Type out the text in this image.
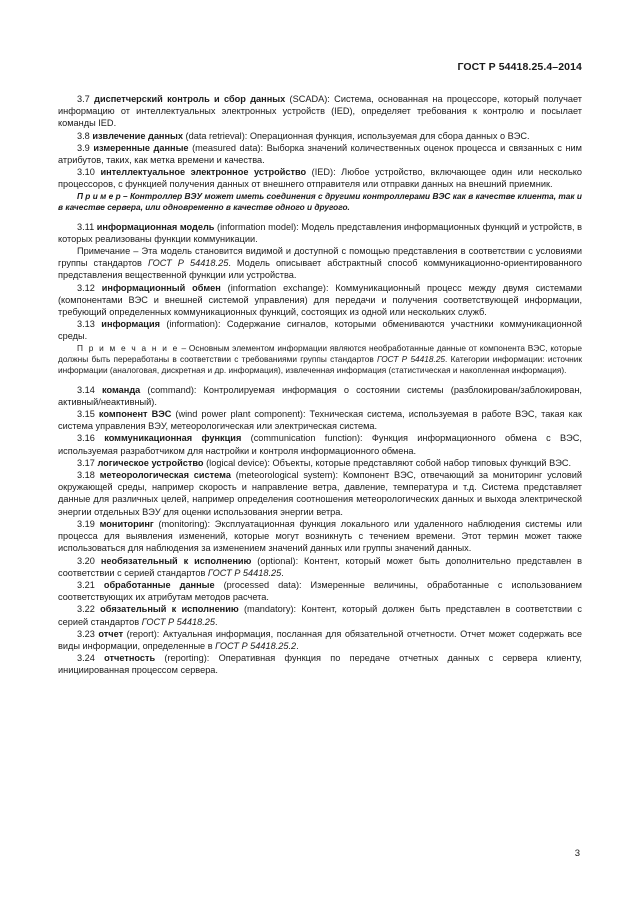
ГОСТ Р 54418.25.4–2014

3.7 диспетчерский контроль и сбор данных (SCADA): Система, основанная на процессоре, который получает информацию от интеллектуальных электронных устройств (IED), определяет требования к контролю и посылает команды IED.

3.8 извлечение данных (data retrieval): Операционная функция, используемая для сбора данных о ВЭС.

3.9 измеренные данные (measured data): Выборка значений количественных оценок процесса и связанных с ним атрибутов, таких, как метка времени и качества.

3.10 интеллектуальное электронное устройство (IED): Любое устройство, включающее один или несколько процессоров, с функцией получения данных от внешнего отправителя или отправки данных на внешний приемник.

П р и м е р – Контроллер ВЭУ может иметь соединения с другими контроллерами ВЭС как в качестве клиента, так и в качестве сервера, или одновременно в качестве одного и другого.

3.11 информационная модель (information model): Модель представления информационных функций и устройств, в которых реализованы функции коммуникации.

Примечание – Эта модель становится видимой и доступной с помощью представления в соответствии с условиями группы стандартов ГОСТ Р 54418.25. Модель описывает абстрактный способ коммуникационно-ориентированного представления вещественной функции или устройства.

3.12 информационный обмен (information exchange): Коммуникационный процесс между двумя системами (компонентами ВЭС и внешней системой управления) для передачи и получения соответствующей информации, требующий определенных коммуникационных функций, состоящих из одной или нескольких служб.

3.13 информация (information): Содержание сигналов, которыми обмениваются участники коммуникационной среды.

П р и м е ч а н и е – Основным элементом информации являются необработанные данные от компонента ВЭС, которые должны быть переработаны в соответствии с требованиями группы стандартов ГОСТ Р 54418.25. Категории информации: источник информации (аналоговая, дискретная и др. информация), извлеченная информация (статистическая и накопленная информация).

3.14 команда (command): Контролируемая информация о состоянии системы (разблокирован/заблокирован, активный/неактивный).

3.15 компонент ВЭС (wind power plant component): Техническая система, используемая в работе ВЭС, такая как система управления ВЭУ, метеорологическая или электрическая система.

3.16 коммуникационная функция (communication function): Функция информационного обмена с ВЭС, используемая разработчиком для настройки и контроля информационного обмена.

3.17 логическое устройство (logical device): Объекты, которые представляют собой набор типовых функций ВЭС.

3.18 метеорологическая система (meteorological system): Компонент ВЭС, отвечающий за мониторинг условий окружающей среды, например скорость и направление ветра, давление, температура и т.д. Система представляет данные для различных целей, например определения соотношения метеорологических данных и выхода электрической энергии отдельных ВЭУ для оценки использования энергии ветра.

3.19 мониторинг (monitoring): Эксплуатационная функция локального или удаленного наблюдения системы или процесса для выявления изменений, которые могут возникнуть с течением времени. Этот термин может также использоваться для наблюдения за изменением значений данных или группы значений данных.

3.20 необязательный к исполнению (optional): Контент, который может быть дополнительно представлен в соответствии с серией стандартов ГОСТ Р 54418.25.

3.21 обработанные данные (processed data): Измеренные величины, обработанные с использованием соответствующих их атрибутам методов расчета.

3.22 обязательный к исполнению (mandatory): Контент, который должен быть представлен в соответствии с серией стандартов ГОСТ Р 54418.25.

3.23 отчет (report): Актуальная информация, посланная для обязательной отчетности. Отчет может содержать все виды информации, определенные в ГОСТ Р 54418.25.2.

3.24 отчетность (reporting): Оперативная функция по передаче отчетных данных с сервера клиенту, инициированная процессом сервера.

3
